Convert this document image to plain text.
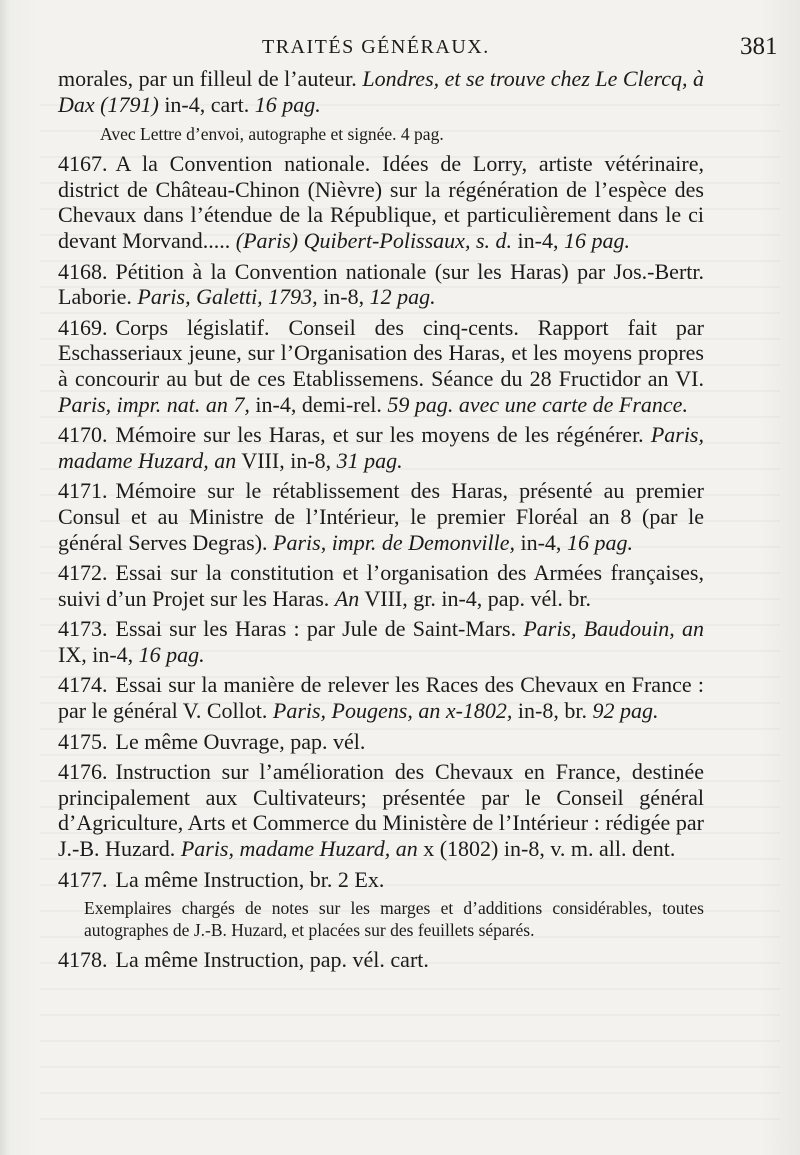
TRAITÉS GÉNÉRAUX.	381
morales, par un filleul de l’auteur. Londres, et se trouve chez Le Clercq, à Dax (1791) in-4, cart. 16 pag.
Avec Lettre d’envoi, autographe et signée. 4 pag.
4167. A la Convention nationale. Idées de Lorry, artiste vétérinaire, district de Château-Chinon (Nièvre) sur la régénération de l’espèce des Chevaux dans l’étendue de la République, et particulièrement dans le ci devant Morvand..... (Paris) Quibert-Polissaux, s. d. in-4, 16 pag.
4168. Pétition à la Convention nationale (sur les Haras) par Jos.-Bertr. Laborie. Paris, Galetti, 1793, in-8, 12 pag.
4169. Corps législatif. Conseil des cinq-cents. Rapport fait par Eschasseriaux jeune, sur l’Organisation des Haras, et les moyens propres à concourir au but de ces Etablissemens. Séance du 28 Fructidor an VI. Paris, impr. nat. an 7, in-4, demi-rel. 59 pag. avec une carte de France.
4170. Mémoire sur les Haras, et sur les moyens de les régénérer. Paris, madame Huzard, an VIII, in-8, 31 pag.
4171. Mémoire sur le rétablissement des Haras, présenté au premier Consul et au Ministre de l’Intérieur, le premier Floréal an 8 (par le général Serves Degras). Paris, impr. de Demonville, in-4, 16 pag.
4172. Essai sur la constitution et l’organisation des Armées françaises, suivi d’un Projet sur les Haras. An VIII, gr. in-4, pap. vél. br.
4173. Essai sur les Haras : par Jule de Saint-Mars. Paris, Baudouin, an IX, in-4, 16 pag.
4174. Essai sur la manière de relever les Races des Chevaux en France : par le général V. Collot. Paris, Pougens, an x-1802, in-8, br. 92 pag.
4175. Le même Ouvrage, pap. vél.
4176. Instruction sur l’amélioration des Chevaux en France, destinée principalement aux Cultivateurs; présentée par le Conseil général d’Agriculture, Arts et Commerce du Ministère de l’Intérieur : rédigée par J.-B. Huzard. Paris, madame Huzard, an x (1802) in-8, v. m. all. dent.
4177. La même Instruction, br. 2 Ex.
Exemplaires chargés de notes sur les marges et d’additions considérables, toutes autographes de J.-B. Huzard, et placées sur des feuillets séparés.
4178. La même Instruction, pap. vél. cart.
